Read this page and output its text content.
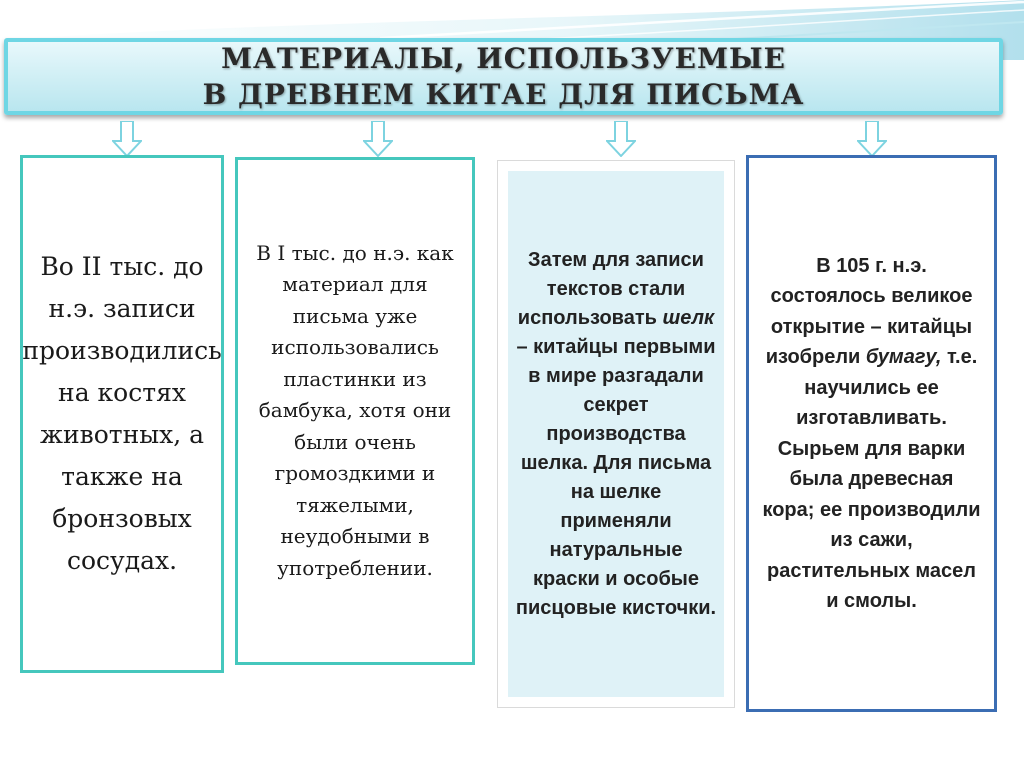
МАТЕРИАЛЫ, ИСПОЛЬЗУЕМЫЕ
В ДРЕВНЕМ КИТАЕ ДЛЯ ПИСЬМА
Во II тыс. до н.э. записи производились на костях животных, а также на бронзовых сосудах.
В I тыс. до н.э. как материал для письма уже использовались пластинки из бамбука, хотя они были очень громоздкими и тяжелыми, неудобными в употреблении.
Затем для записи текстов стали использовать шелк – китайцы первыми в мире разгадали секрет производства шелка. Для письма на шелке применяли натуральные краски и особые писцовые кисточки.
В 105 г. н.э. состоялось великое открытие – китайцы изобрели бумагу, т.е. научились ее изготавливать. Сырьем для варки была древесная кора; ее производили из сажи, растительных масел и смолы.
